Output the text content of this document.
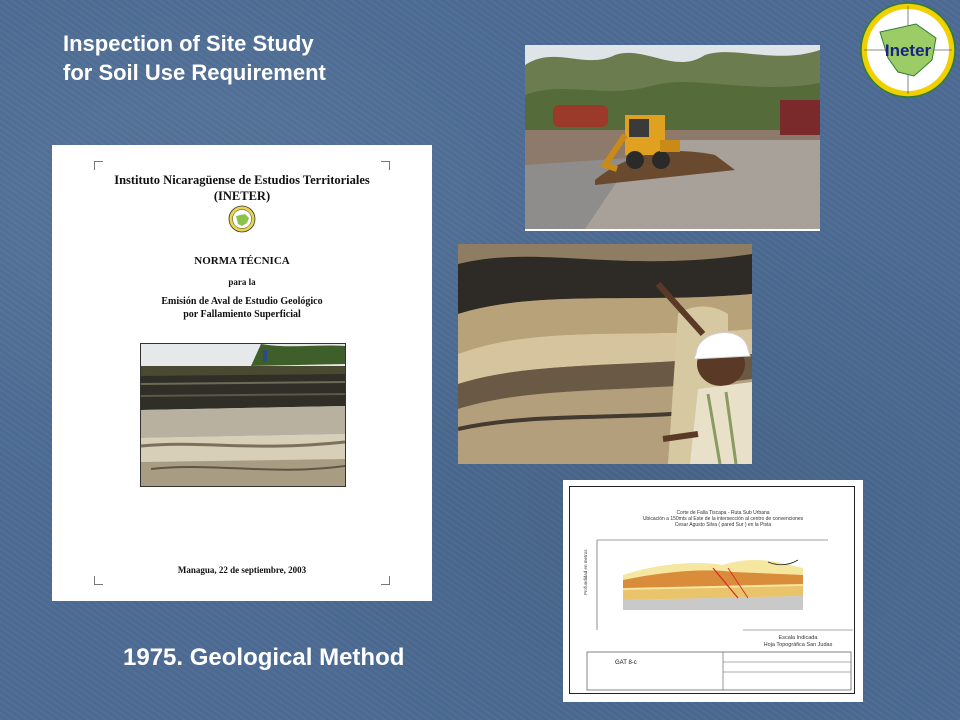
Inspection of Site Study
for Soil Use Requirement
Ineter
Instituto Nicaragüense de Estudios Territoriales
(INETER)
NORMA TÉCNICA
para la
Emisión de Aval de Estudio Geológico
por Fallamiento Superficial
Managua, 22 de septiembre, 2003
Corte de Falla Tiscapa - Ruta Sub Urbana
Ubicación a 150mts al Este de la intersección al centro de convenciones
Cesar Agusto Silva ( pared Sur ) en la Pista
Profundidad en metros
Escala Indicada
Hoja Topográfica San Judas
GAT 8-c
1975. Geological Method
